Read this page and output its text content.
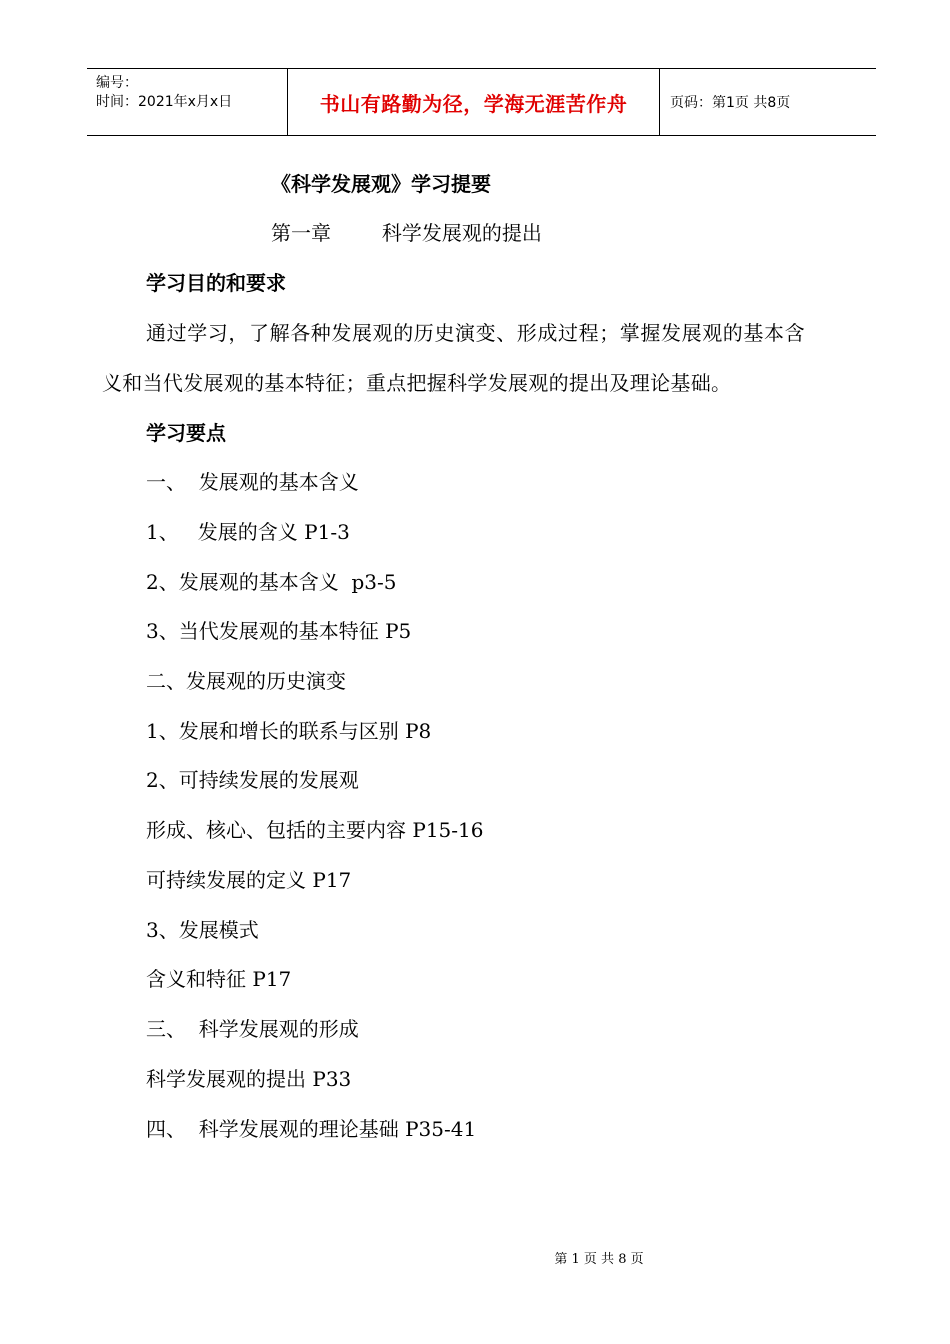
编号：
时间：2021年x月x日	书山有路勤为径，学海无涯苦作舟	页码：第1页 共8页
《科学发展观》学习提要
第一章        科学发展观的提出
学习目的和要求
通过学习，了解各种发展观的历史演变、形成过程；掌握发展观的基本含
义和当代发展观的基本特征；重点把握科学发展观的提出及理论基础。
学习要点
一、  发展观的基本含义
1、   发展的含义 P1-3
2、发展观的基本含义  p3-5
3、当代发展观的基本特征 P5
二、发展观的历史演变
1、发展和增长的联系与区别 P8
2、可持续发展的发展观
形成、核心、包括的主要内容 P15-16
可持续发展的定义 P17
3、发展模式
含义和特征 P17
三、  科学发展观的形成
科学发展观的提出 P33
四、  科学发展观的理论基础 P35-41
第 1 页 共 8 页
